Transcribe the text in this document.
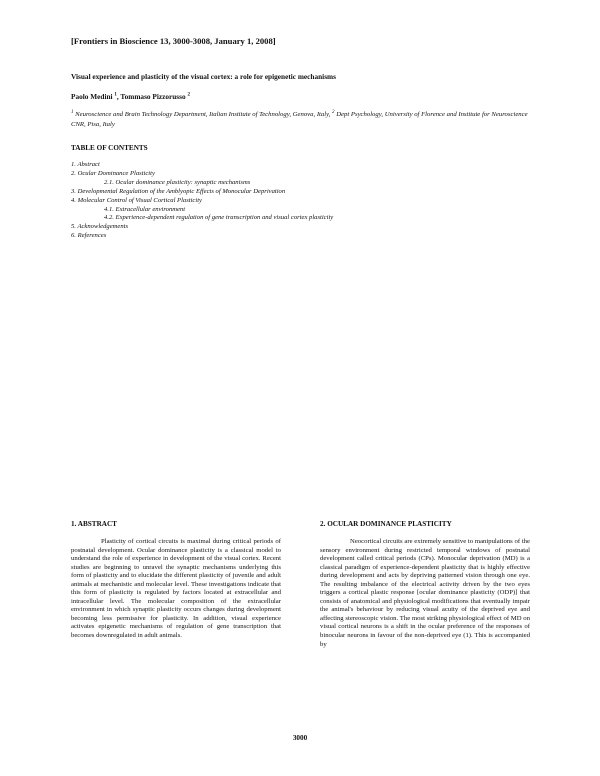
[Frontiers in Bioscience 13, 3000-3008, January 1, 2008]
Visual experience and plasticity of the visual cortex: a role for epigenetic mechanisms
Paolo Medini $^1$, Tommaso Pizzorusso $^2$
$^1$ Neuroscience and Brain Technology Department, Italian Institute of Technology, Genova, Italy, $^2$ Dept Psychology, University of Florence and Institute for Neuroscience CNR, Pisa, Italy
TABLE OF CONTENTS
1. Abstract
2. Ocular Dominance Plasticity
2.1. Ocular dominance plasticity: synaptic mechanisms
3. Developmental Regulation of the Amblyopic Effects of Monocular Deprivation
4. Molecular Control of Visual Cortical Plasticity
4.1. Extracellular environment
4.2. Experience-dependent regulation of gene transcription and visual cortex plasticity
5. Acknowledgements
6. References
1. ABSTRACT

Plasticity of cortical circuits is maximal during critical periods of postnatal development. Ocular dominance plasticity is a classical model to understand the role of experience in development of the visual cortex. Recent studies are beginning to unravel the synaptic mechanisms underlying this form of plasticity and to elucidate the different plasticity of juvenile and adult animals at mechanistic and molecular level. These investigations indicate that this form of plasticity is regulated by factors located at extracellular and intracellular level. The molecular composition of the extracellular environment in which synaptic plasticity occurs changes during development becoming less permissive for plasticity. In addition, visual experience activates epigenetic mechanisms of regulation of gene transcription that becomes downregulated in adult animals.

2. OCULAR DOMINANCE PLASTICITY

Neocortical circuits are extremely sensitive to manipulations of the sensory environment during restricted temporal windows of postnatal development called critical periods (CPs). Monocular deprivation (MD) is a classical paradigm of experience-dependent plasticity that is highly effective during development and acts by depriving patterned vision through one eye. The resulting imbalance of the electrical activity driven by the two eyes triggers a cortical plastic response [ocular dominance plasticity (ODP)] that consists of anatomical and physiological modifications that eventually impair the animal's behaviour by reducing visual acuity of the deprived eye and affecting stereoscopic vision. The most striking physiological effect of MD on visual cortical neurons is a shift in the ocular preference of the responses of binocular neurons in favour of the non-deprived eye (1). This is accompanied by

3000
